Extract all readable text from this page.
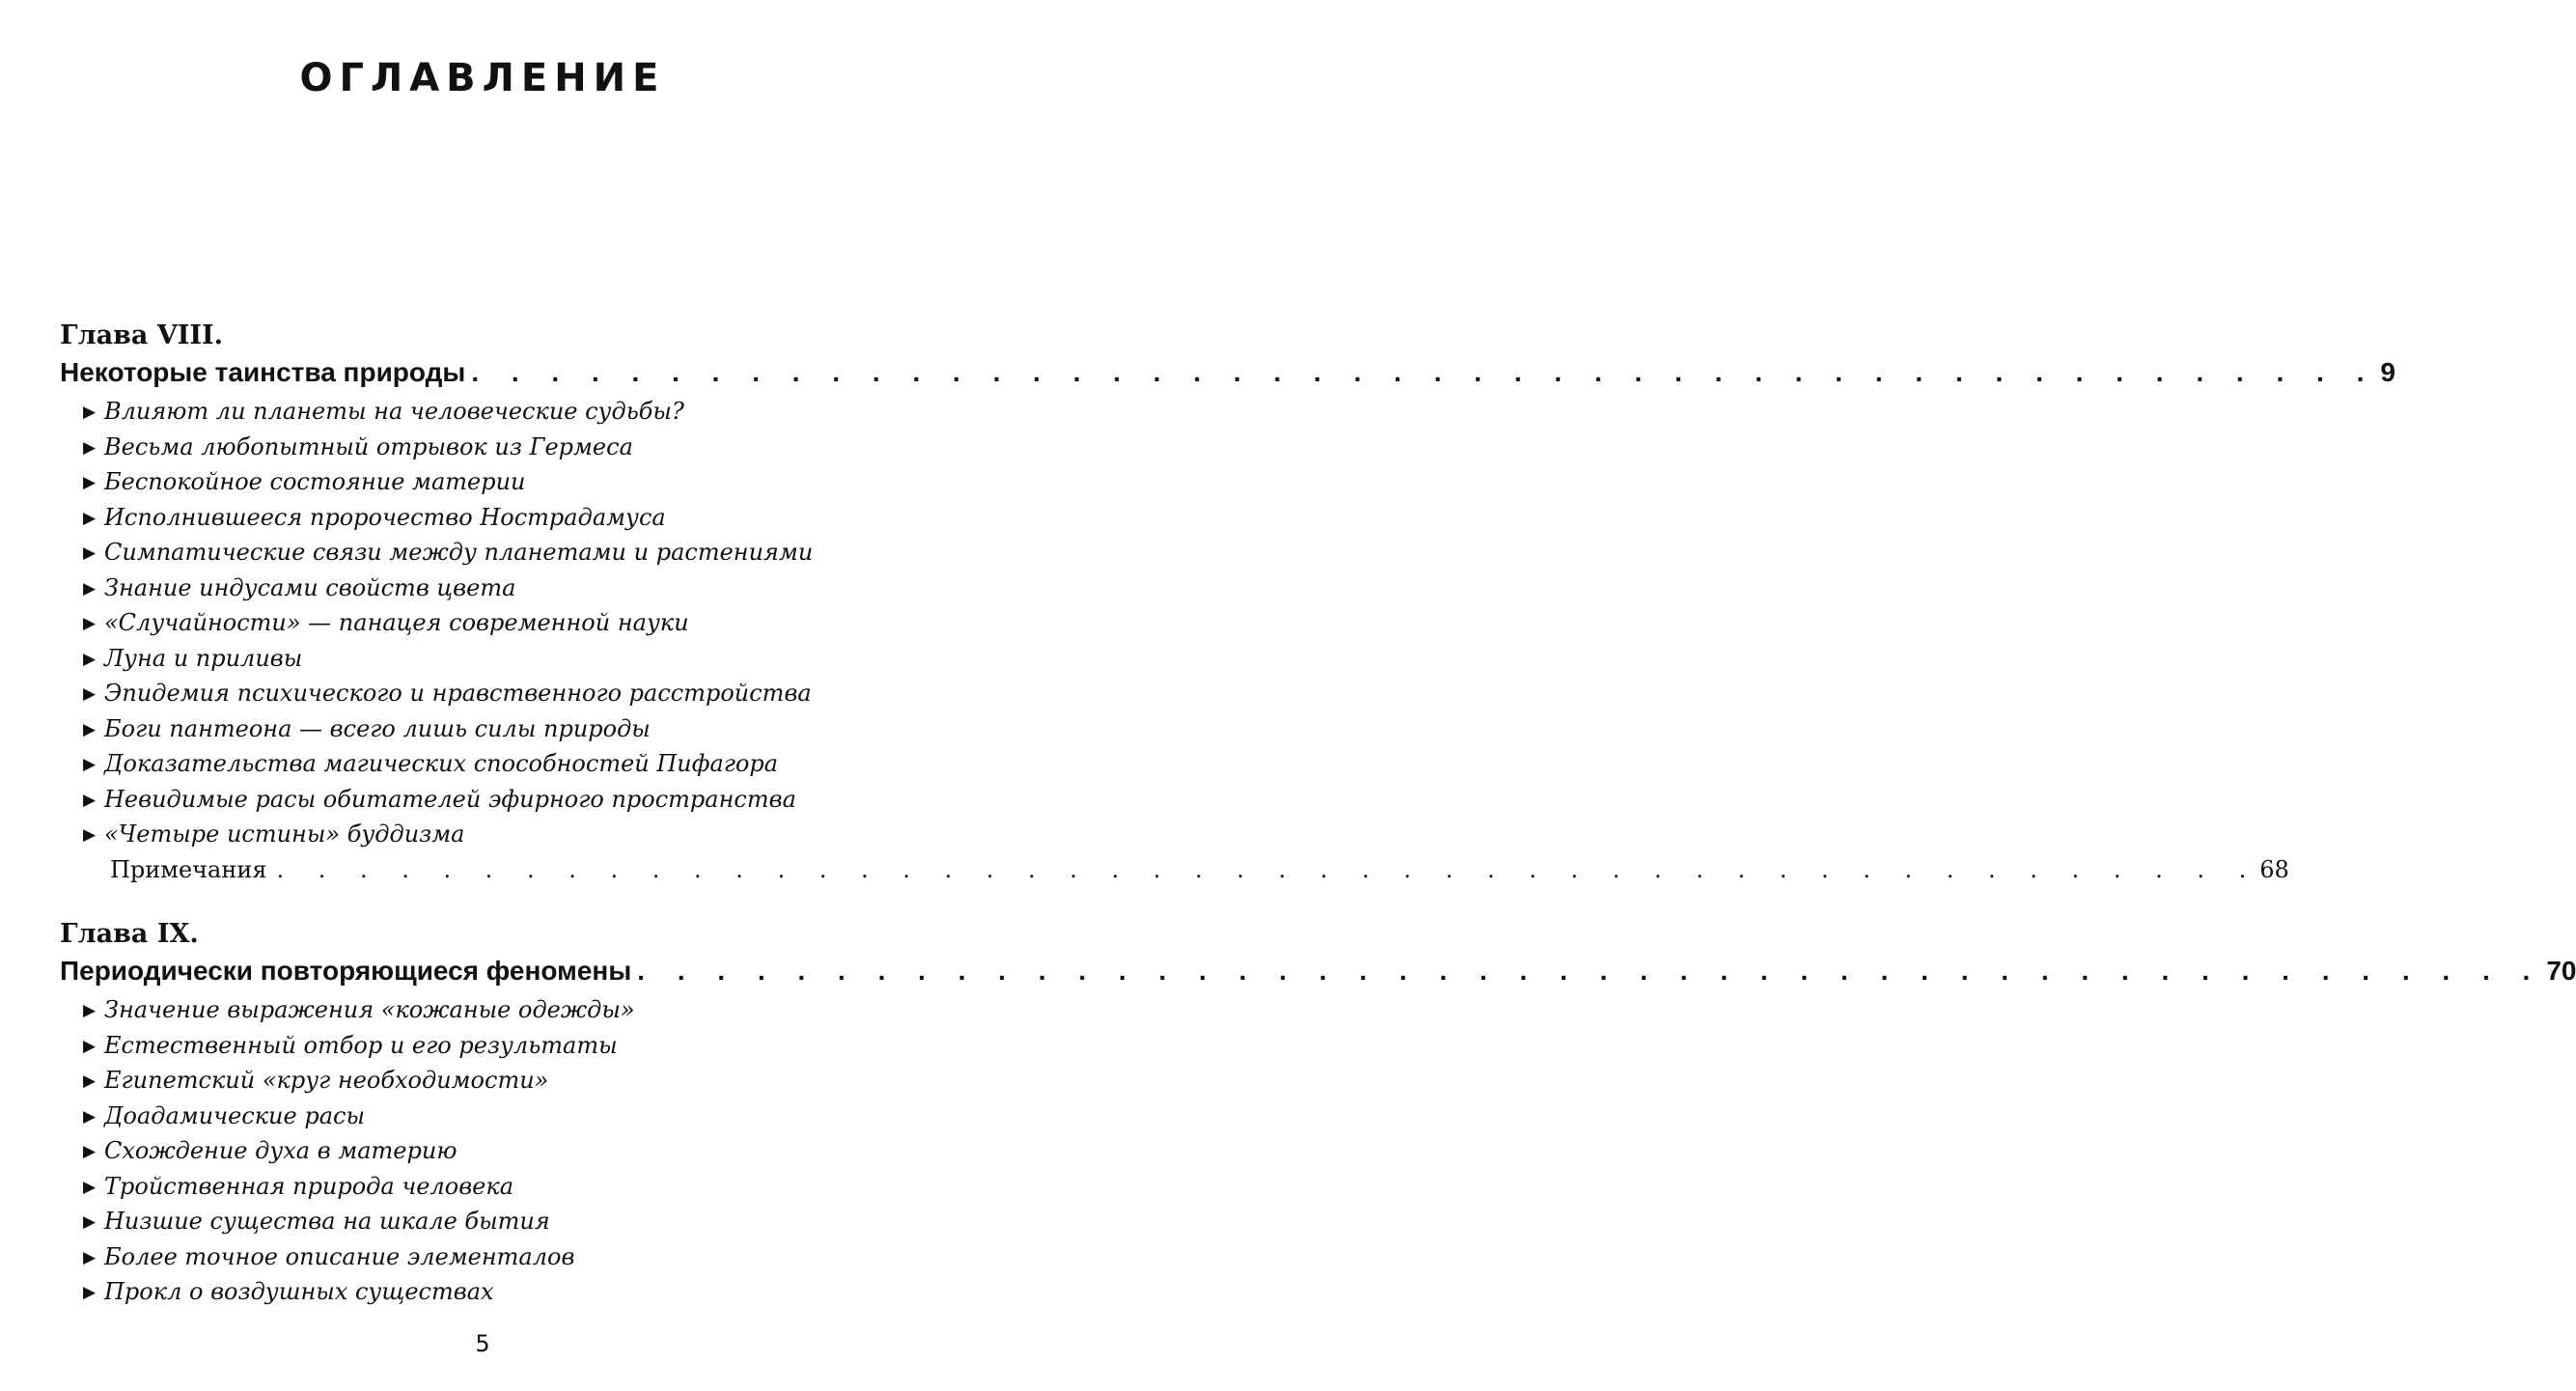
ОГЛАВЛЕНИЕ
Глава VIII.
Некоторые таинства природы . . . . . . . . . . . . . . . . . . . . . . . . . . . . . . . . . . . . . . . . . . . . . . . . 9
▶ Влияют ли планеты на человеческие судьбы?
▶ Весьма любопытный отрывок из Гермеса
▶ Беспокойное состояние материи
▶ Исполнившееся пророчество Нострадамуса
▶ Симпатические связи между планетами и растениями
▶ Знание индусами свойств цвета
▶ «Случайности» — панацея современной науки
▶ Луна и приливы
▶ Эпидемия психического и нравственного расстройства
▶ Боги пантеона — всего лишь силы природы
▶ Доказательства магических способностей Пифагора
▶ Невидимые расы обитателей эфирного пространства
▶ «Четыре истины» буддизма
Примечания . . . . . . . . . . . . . . . . . . . . . . . . . . . . . . . . . . . . . . . . . . . . . . . . 68
Глава IX.
Периодически повторяющиеся феномены . . . . . . . . . . . . . . . . . . . . . . . . . . . . . . . . . . . . . . . . . . . . . . . . 70
▶ Значение выражения «кожаные одежды»
▶ Естественный отбор и его результаты
▶ Египетский «круг необходимости»
▶ Доадамические расы
▶ Схождение духа в материю
▶ Тройственная природа человека
▶ Низшие существа на шкале бытия
▶ Более точное описание элементалов
▶ Прокл о воздушных существах
5
